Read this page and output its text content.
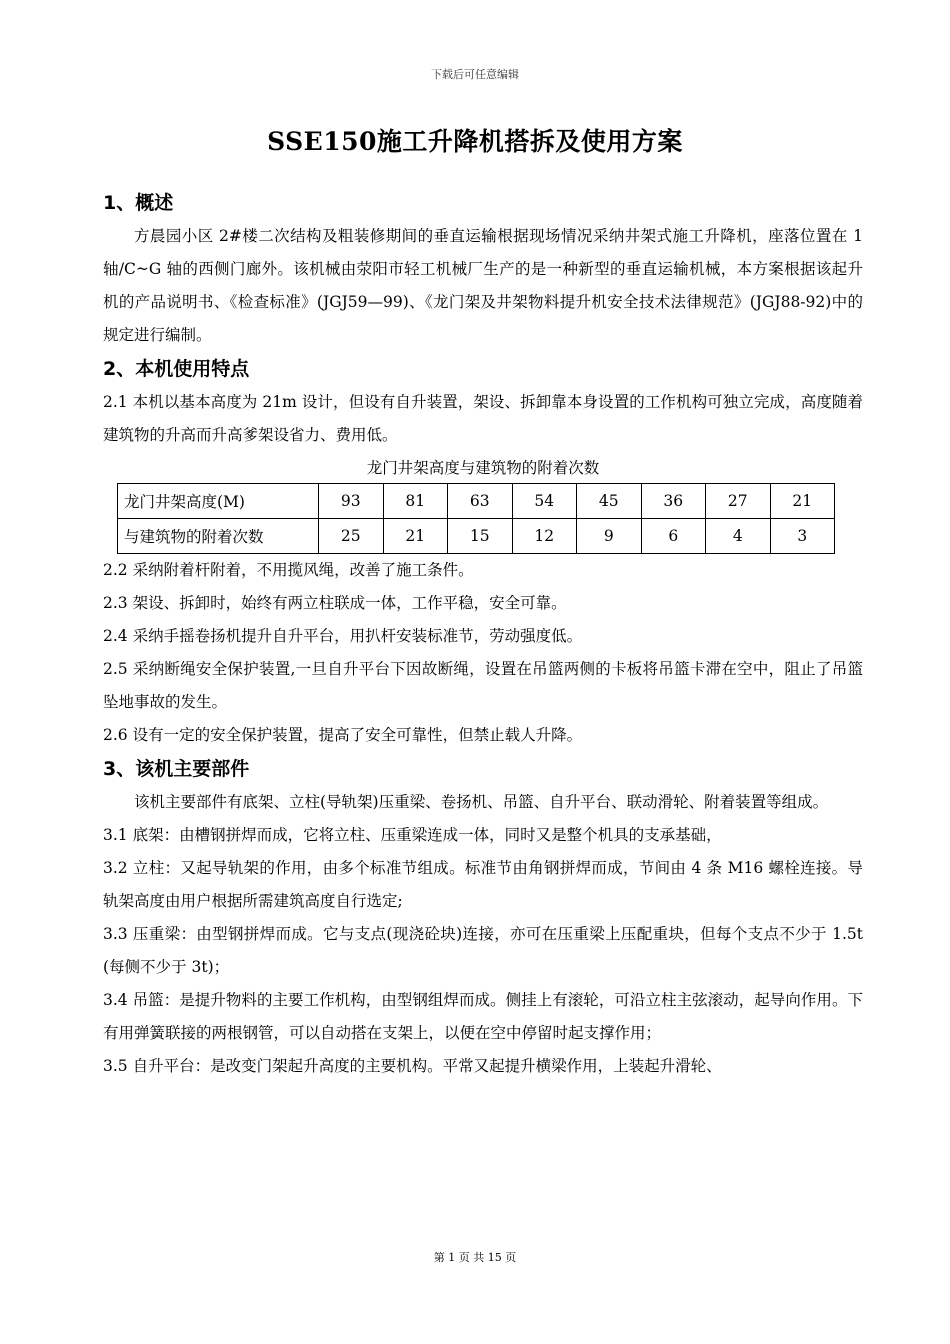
下载后可任意编辑
SSE150施工升降机搭拆及使用方案
1、概述

方晨园小区 2#楼二次结构及粗装修期间的垂直运输根据现场情况采纳井架式施工升降机，座落位置在 1 轴/C~G 轴的西侧门廊外。该机械由荥阳市轻工机械厂生产的是一种新型的垂直运输机械，本方案根据该起升机的产品说明书、《检查标准》(JGJ59—99)、《龙门架及井架物料提升机安全技术法律规范》(JGJ88-92)中的规定进行编制。

2、本机使用特点

2.1 本机以基本高度为 21m 设计，但设有自升装置，架设、拆卸靠本身设置的工作机构可独立完成，高度随着建筑物的升高而升高爹架设省力、费用低。

龙门井架高度与建筑物的附着次数
龙门井架高度(M)	93	81	63	54	45	36	27	21
与建筑物的附着次数	25	21	15	12	9	6	4	3

2.2 采纳附着杆附着，不用揽风绳，改善了施工条件。

2.3 架设、拆卸时，始终有两立柱联成一体，工作平稳，安全可靠。

2.4 采纳手摇卷扬机提升自升平台，用扒杆安装标准节，劳动强度低。

2.5 采纳断绳安全保护装置,一旦自升平台下因故断绳，设置在吊篮两侧的卡板将吊篮卡滞在空中，阻止了吊篮坠地事故的发生。

2.6 设有一定的安全保护装置，提高了安全可靠性，但禁止载人升降。

3、该机主要部件

该机主要部件有底架、立柱(导轨架)压重梁、卷扬机、吊篮、自升平台、联动滑轮、附着装置等组成。

3.1 底架：由槽钢拼焊而成，它将立柱、压重梁连成一体，同时又是整个机具的支承基础，

3.2 立柱：又起导轨架的作用，由多个标准节组成。标准节由角钢拼焊而成，节间由 4 条 M16 螺栓连接。导轨架高度由用户根据所需建筑高度自行选定;

3.3 压重梁：由型钢拼焊而成。它与支点(现浇砼块)连接，亦可在压重梁上压配重块，但每个支点不少于 1.5t (每侧不少于 3t)；

3.4 吊篮：是提升物料的主要工作机构，由型钢组焊而成。侧挂上有滚轮，可沿立柱主弦滚动，起导向作用。下有用弹簧联接的两根钢管，可以自动搭在支架上，以便在空中停留时起支撑作用；

3.5 自升平台：是改变门架起升高度的主要机构。平常又起提升横梁作用，上装起升滑轮、

第 1 页 共 15 页
